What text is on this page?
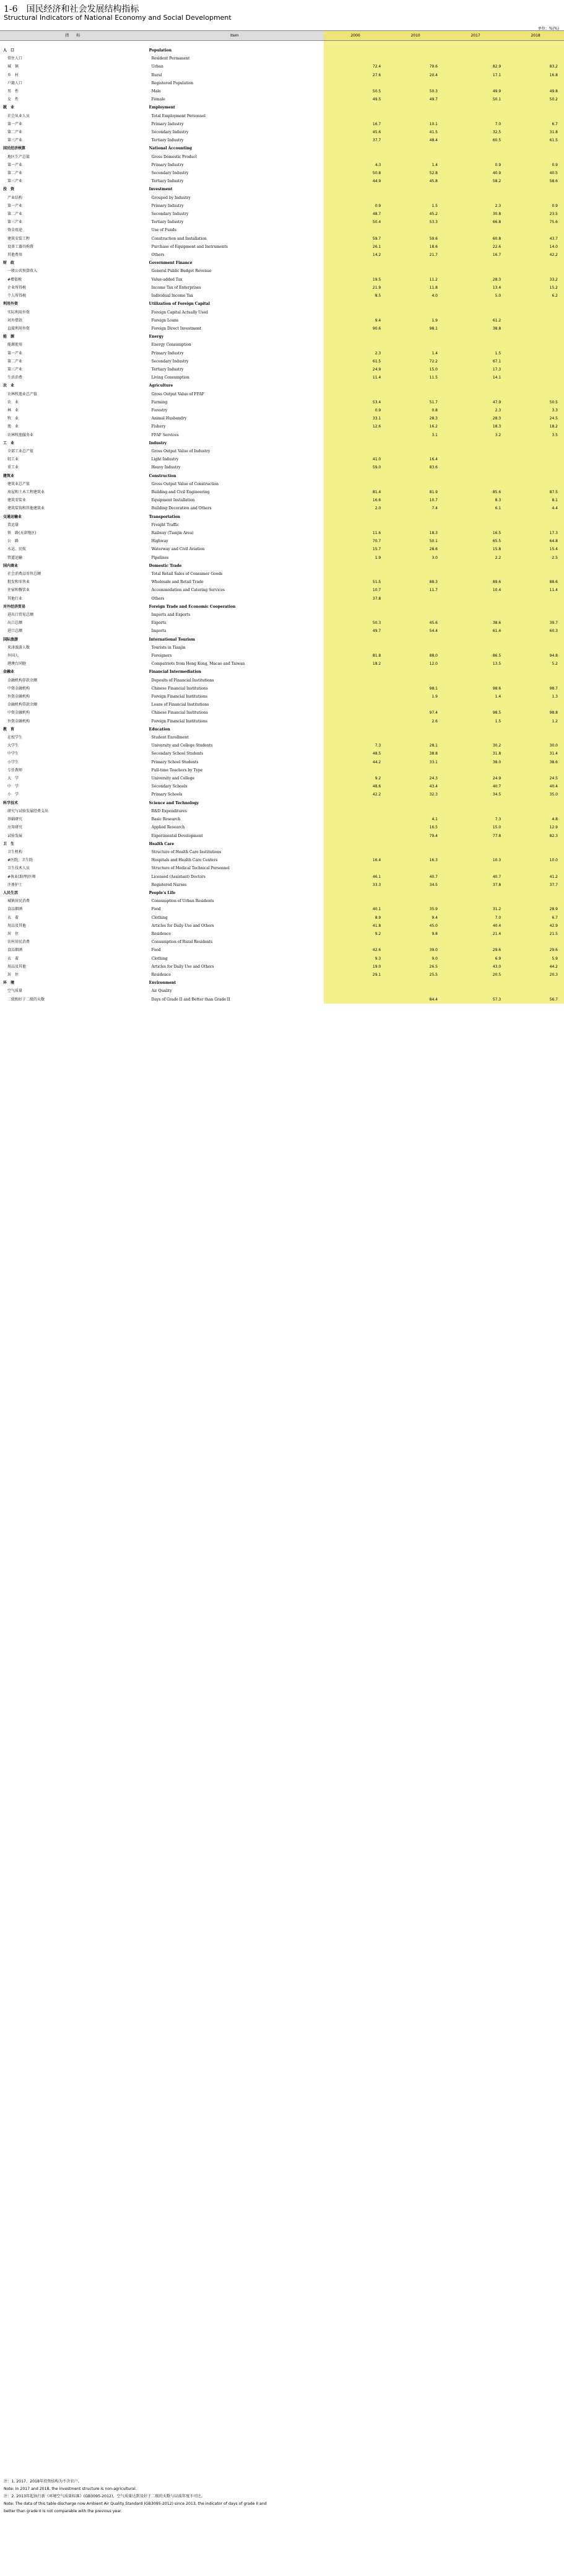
1-6　国民经济和社会发展结构指标
Structural Indicators of National Economy and Social Development
单位：%(%)
指　　标		Item	2000	2010	2017	2018

人　口		Population				
常住人口		Resident Permanent				
城　镇		Urban	72.4	79.6	82.9	83.2
乡　村		Rural	27.6	20.4	17.1	16.8
户籍人口		Registered Population				
男　性		Male	50.5	50.3	49.9	49.8
女　性		Female	49.5	49.7	50.1	50.2
就　业		Employment				
社会从业人员		Total Employment Personnel				
第一产业		Primary Industry	16.7	10.1	7.0	6.7
第二产业		Secondary Industry	45.6	41.5	32.5	31.8
第三产业		Tertiary Industry	37.7	48.4	60.5	61.5
国民经济核算		National Accounting				
地区生产总值		Gross Domestic Product				
第一产业		Primary Industry	4.3	1.4	0.9	0.9
第二产业		Secondary Industry	50.8	52.8	40.9	40.5
第三产业		Tertiary Industry	44.9	45.8	58.2	58.6
投　资		Investment				
产业结构		Grouped by Industry				
第一产业		Primary Industry	0.9	1.5	2.3	0.9
第二产业		Secondary Industry	48.7	45.2	30.8	23.5
第三产业		Tertiary Industry	50.4	53.3	66.8	75.6
资金用途		Use of Funds				
建筑安装工程		Construction and Installation	59.7	59.6	60.8	43.7
设备工器具购置		Purchase of Equipment and Instruments	26.1	18.6	22.6	14.0
其他费用		Others	14.2	21.7	16.7	42.2
财　政		Government Finance				
一般公共预算收入		General Public Budget Revenue				
#增值税		Value-added Tax	19.5	11.2	28.3	33.2
企业所得税		Income Tax of Enterprises	21.9	11.8	13.4	15.2
个人所得税		Individual Income Tax	8.5	4.0	5.0	6.2
利用外资		Utilization of Foreign Capital				
实际利用外资		Foreign Capital Actually Used				
对外借款		Foreign Loans	9.4	1.9	61.2	
直接利用外资		Foreign Direct Investment	90.6	98.1	38.8	
能　源		Energy				
能源使用		Energy Consumption				
第一产业		Primary Industry	2.3	1.4	1.5	
第二产业		Secondary Industry	61.5	72.2	67.1	
第三产业		Tertiary Industry	24.9	15.0	17.3	
生活消费		Living Consumption	11.4	11.5	14.1	
农　业		Agriculture				
农林牧渔业总产值		Gross Output Value of FFAF				
农　业		Farming	53.4	51.7	47.9	50.5
林　业		Forestry	0.9	0.8	2.3	3.3
牧　业		Animal Husbandry	33.1	28.3	28.3	24.5
渔　业		Fishery	12.6	16.2	18.3	18.2
农林牧渔服务业		FFAF Services		3.1	3.2	3.5
工　业		Industry				
全部工业总产值		Gross Output Value of Industry				
轻工业		Light Industry	41.0	16.4		
重工业		Heavy Industry	59.0	83.6		
建筑业		Construction				
建筑业总产值		Gross Output Value of Construction				
房屋和土木工程建筑业		Building and Civil Engineering	81.4	81.9	85.6	87.5
建筑安装业		Equipment Installation	16.6	10.7	8.3	8.1
建筑装饰和其他建筑业		Building Decoration and Others	2.0	7.4	6.1	4.4
交通运输业		Transportation				
货运量		Freight Traffic				
铁　路(天津地区)		Railway (Tianjin Area)	11.6	18.3	16.5	17.3
公　路		Highway	70.7	50.1	65.5	64.8
水运、民航		Waterway and Civil Aviation	15.7	28.6	15.8	15.4
管道运输		Pipelines	1.9	3.0	2.2	2.5
国内商业		Domestic Trade				
社会消费品零售总额		Total Retail Sales of Consumer Goods				
批发和零售业		Wholesale and Retail Trade	51.5	88.3	89.6	88.6
住宿和餐饮业		Accommodation and Catering Services	10.7	11.7	10.4	11.4
其他行业		Others	37.8			
对外经济贸易		Foreign Trade and Economic Cooperation				
进出口贸易总额		Imports and Exports				
出口总额		Exports	50.3	45.6	38.6	39.7
进口总额		Imports	49.7	54.4	61.4	60.3
国际旅游		International Tourism				
来津旅游人数		Tourists in Tianjin				
外国人		Foreigners	81.8	88.0	86.5	94.8
港澳台同胞		Compatriots from Hong Kong, Macao and Taiwan	18.2	12.0	13.5	5.2
金融业		Financial Intermediation				
金融机构存款余额		Deposits of Financial Institutions				
中资金融机构		Chinese Financial Institutions		98.1	98.6	98.7
外资金融机构		Foreign Financial Institutions		1.9	1.4	1.3
金融机构贷款余额		Loans of Financial Institutions				
中资金融机构		Chinese Financial Institutions		97.4	98.5	98.8
外资金融机构		Foreign Financial Institutions		2.6	1.5	1.2
教　育		Education				
在校学生		Student Enrollment				
大学生		University and College Students	7.3	28.1	30.2	30.0
中学生		Secondary School Students	48.5	38.8	31.8	31.4
小学生		Primary School Students	44.2	33.1	38.0	38.6
专任教师		Full-time Teachers by Type				
大　学		University and College	9.2	24.3	24.9	24.5
中　学		Secondary Schools	48.6	43.4	40.7	40.4
小　学		Primary Schools	42.2	32.3	34.5	35.0
科学技术		Science and Technology				
研究与试验发展经费支出		R&D Expenditures				
基础研究		Basic Research		4.1	7.3	4.8
应用研究		Applied Research		16.5	15.0	12.9
试验发展		Experimental Development		79.4	77.8	82.3
卫　生		Health Care				
卫生机构		Structure of Health Care Institutions				
#医院、卫生院		Hospitals and Health Care Centers	16.4	16.3	10.3	10.0
卫生技术人员		Structure of Medical Technical Personnel				
#执业(助理)医师		Licensed (Assistant) Doctors	46.1	40.7	40.7	41.2
注册护士		Registered Nurses	33.3	34.5	37.8	37.7
人民生活		People's Life				
城镇居民消费		Consumption of Urban Residents				
食品烟酒		Food	40.1	35.9	31.2	28.9
衣　着		Clothing	8.9	9.4	7.0	6.7
用品及其他		Articles for Daily Use and Others	41.8	45.0	40.4	42.9
居　住		Residence	9.2	9.8	21.4	21.5
农村居民消费		Consumption of Rural Residents				
食品烟酒		Food	42.6	39.0	29.6	29.6
衣　着		Clothing	9.3	9.0	6.9	5.9
用品及其他		Articles for Daily Use and Others	19.0	26.5	43.0	44.2
居　住		Residence	29.1	25.5	20.5	20.3
环　境		Environment				
空气质量		Air Quality				
二级和好于二级的天数		Days of Grade II and Better than Grade II		84.4	57.3	56.7
注：1. 2017、2018年投资结构为不含农户。
Note: In 2017 and 2018, the investment structure is non-agricultural.
注：2. 2013年起执行新《环境空气质量标准》(GB3095-2012)，空气质量达到及好于二级的天数与以前年度不可比。
Note: The data of this table discharge now Ambient Air Quality Standard (GB3095-2012) since 2013, the indicator of days of grade II and
better than grade II is not comparable with the previous year.
